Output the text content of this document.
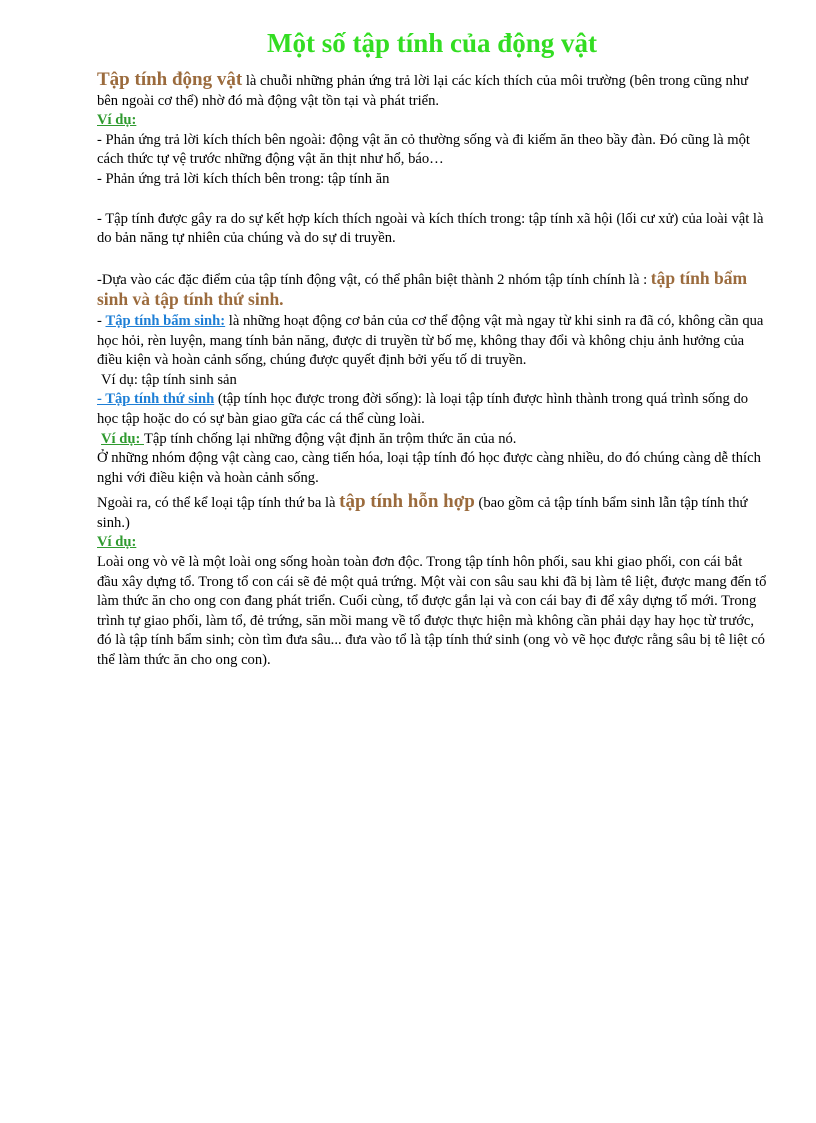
Một số tập tính của động vật

Tập tính động vật là chuỗi những phản ứng trả lời lại các kích thích của môi trường (bên trong cũng như bên ngoài cơ thể) nhờ đó mà động vật tồn tại và phát triển.

Ví dụ:

- Phản ứng trả lời kích thích bên ngoài: động vật ăn cỏ thường sống và đi kiếm ăn theo bầy đàn. Đó cũng là một cách thức tự vệ trước những động vật ăn thịt như hổ, báo…

- Phản ứng trả lời kích thích bên trong: tập tính ăn

- Tập tính được gây ra do sự kết hợp kích thích ngoài và kích thích trong: tập tính xã hội (lối cư xử) của loài vật là do bản năng tự nhiên của chúng và do sự di truyền.

-Dựa vào các đặc điểm của tập tính động vật, có thể phân biệt thành 2 nhóm tập tính chính là : tập tính bẩm sinh và tập tính thứ sinh.

- Tập tính bẩm sinh: là những hoạt động cơ bản của cơ thể động vật mà ngay từ khi sinh ra đã có, không cần qua học hỏi, rèn luyện, mang tính bản năng, được di truyền từ bố mẹ, không thay đổi và không chịu ảnh hưởng của điều kiện và hoàn cảnh sống, chúng được quyết định bởi yếu tố di truyền.

Ví dụ: tập tính sinh sản

- Tập tính thứ sinh (tập tính học được trong đời sống): là loại tập tính được hình thành trong quá trình sống do học tập hoặc do có sự bàn giao gữa các cá thể cùng loài.

Ví dụ: Tập tính chống lại những động vật định ăn trộm thức ăn của nó.

Ở những nhóm động vật càng cao, càng tiến hóa, loại tập tính đó học được càng nhiều, do đó chúng càng dễ thích nghi với điều kiện và hoàn cảnh sống.

Ngoài ra, có thể kể loại tập tính thứ ba là tập tính hỗn hợp (bao gồm cả tập tính bẩm sinh lẫn tập tính thứ sinh.)

Ví dụ:

Loài ong vò vẽ là một loài ong sống hoàn toàn đơn độc. Trong tập tính hôn phối, sau khi giao phối, con cái bắt đầu xây dựng tổ. Trong tổ con cái sẽ đẻ một quả trứng. Một vài con sâu sau khi đã bị làm tê liệt, được mang đến tổ làm thức ăn cho ong con đang phát triển. Cuối cùng, tổ được gắn lại và con cái bay đi để xây dựng tổ mới. Trong trình tự giao phối, làm tổ, đẻ trứng, săn mồi mang về tổ được thực hiện mà không cần phải dạy hay học từ trước, đó là tập tính bẩm sinh; còn tìm đưa sâu... đưa vào tổ là tập tính thứ sinh (ong vò vẽ học được rằng sâu bị tê liệt có thể làm thức ăn cho ong con).
